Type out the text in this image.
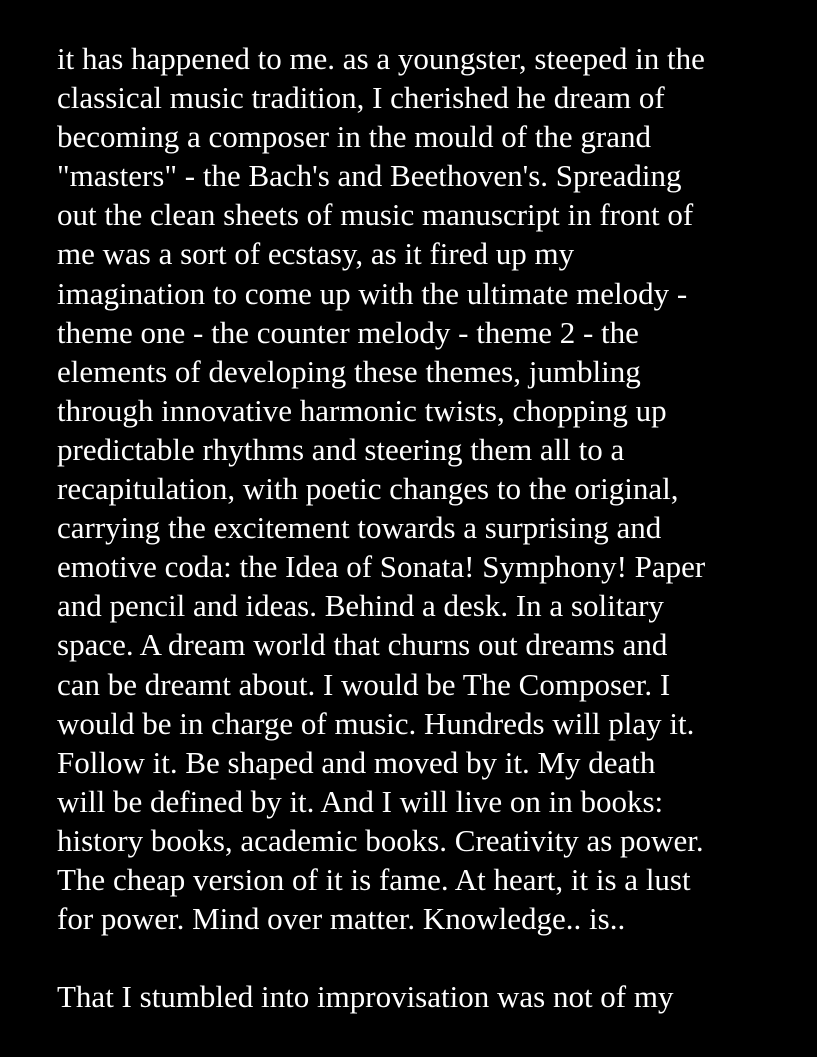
it has happened to me. as a youngster, steeped in the
classical music tradition, I cherished he dream of
becoming a composer in the mould of the grand
"masters" - the Bach's and Beethoven's. Spreading
out the clean sheets of music manuscript in front of
me was a sort of ecstasy, as it fired up my
imagination to come up with the ultimate melody -
theme one - the counter melody - theme 2 - the
elements of developing these themes, jumbling
through innovative harmonic twists, chopping up
predictable rhythms and steering them all to a
recapitulation, with poetic changes to the original,
carrying the excitement towards a surprising and
emotive coda: the Idea of Sonata! Symphony! Paper
and pencil and ideas. Behind a desk. In a solitary
space. A dream world that churns out dreams and
can be dreamt about. I would be The Composer. I
would be in charge of music. Hundreds will play it.
Follow it. Be shaped and moved by it. My death
will be defined by it. And I will live on in books:
history books, academic books. Creativity as power.
The cheap version of it is fame. At heart, it is a lust
for power. Mind over matter. Knowledge.. is..
That I stumbled into improvisation was not of my
